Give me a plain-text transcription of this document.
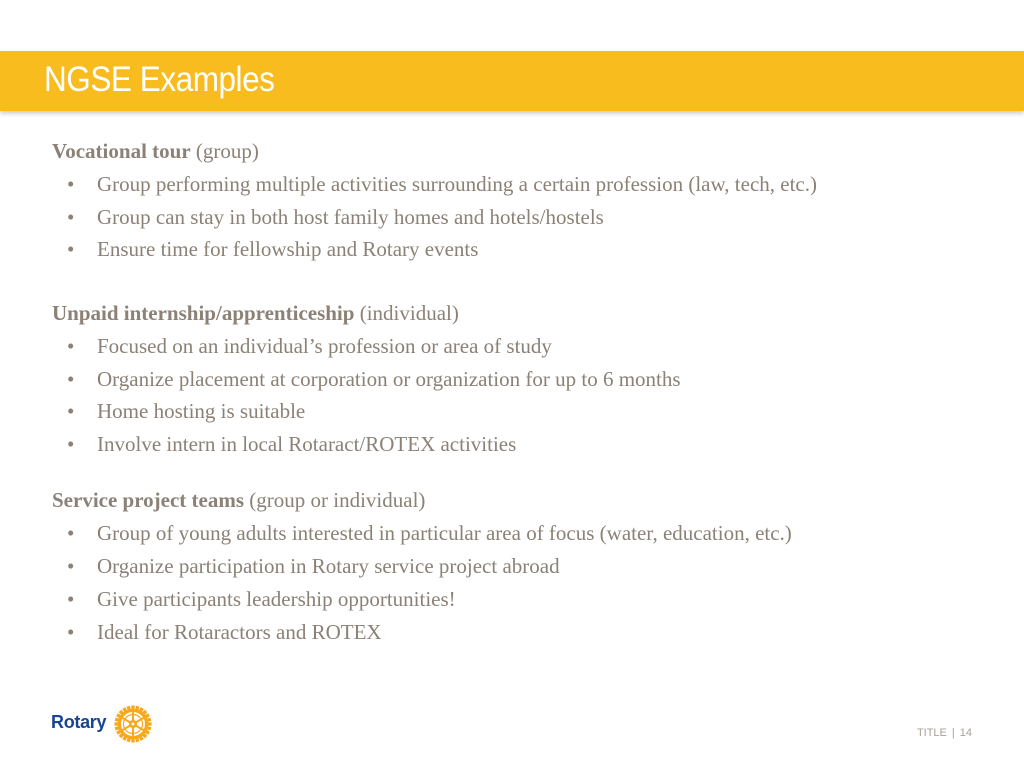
NGSE Examples
Vocational tour (group)
• Group performing multiple activities surrounding a certain profession (law, tech, etc.)
• Group can stay in both host family homes and hotels/hostels
• Ensure time for fellowship and Rotary events
Unpaid internship/apprenticeship (individual)
• Focused on an individual’s profession or area of study
• Organize placement at corporation or organization for up to 6 months
• Home hosting is suitable
• Involve intern in local Rotaract/ROTEX activities
Service project teams (group or individual)
• Group of young adults interested in particular area of focus (water, education, etc.)
• Organize participation in Rotary service project abroad
• Give participants leadership opportunities!
• Ideal for Rotaractors and ROTEX
Rotary
TITLE | 14
